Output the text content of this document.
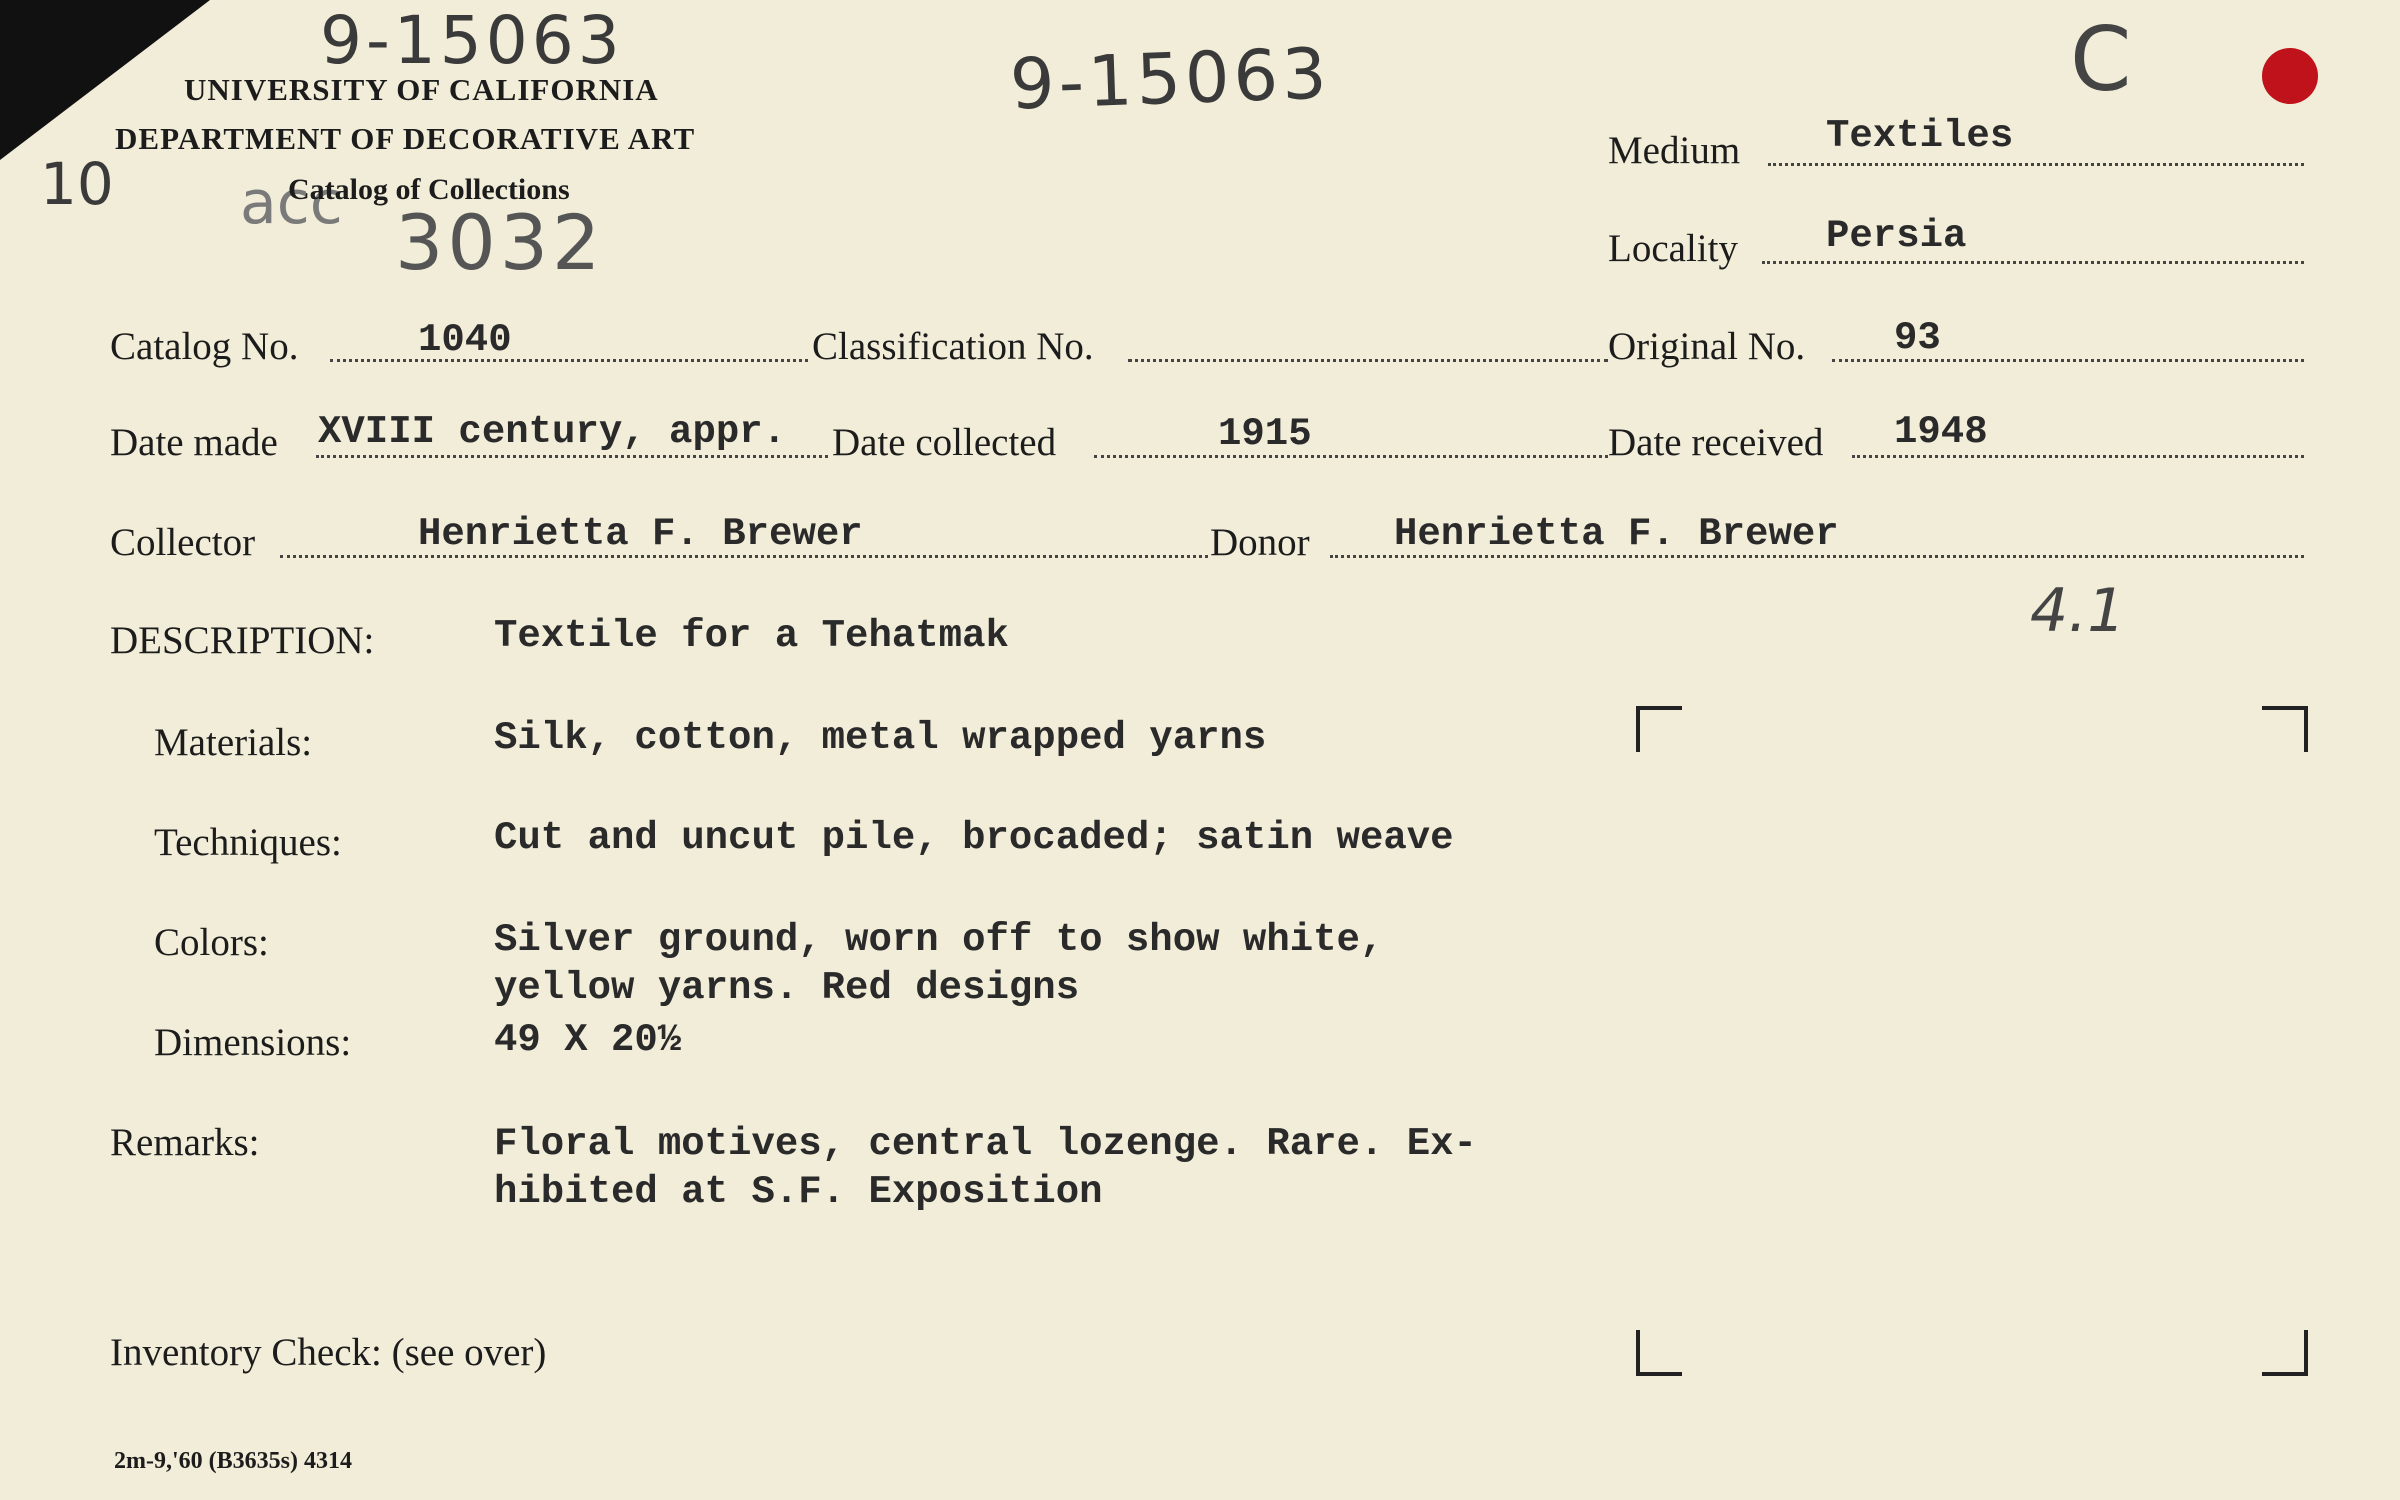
9-15063	9-15063
10 acc 3032
C
4.1
UNIVERSITY OF CALIFORNIA
DEPARTMENT OF DECORATIVE ART
Catalog of Collections
Medium Textiles
Locality Persia
Catalog No.	1040	Classification No.	Original No. 93
Date made XVIII century, appr. Date collected	1915	Date received 1948
Collector	Henrietta F. Brewer	Donor Henrietta F. Brewer
DESCRIPTION:	Textile for a Tehatmak
Materials:	Silk, cotton, metal wrapped yarns
Techniques:	Cut and uncut pile, brocaded; satin weave
Colors:	Silver ground, worn off to show white,
yellow yarns. Red designs
Dimensions:	49 X 20½
Remarks:	Floral motives, central lozenge. Rare. Ex-
hibited at S.F. Exposition
Inventory Check: (see over)
2m-9,'60 (B3635s) 4314
